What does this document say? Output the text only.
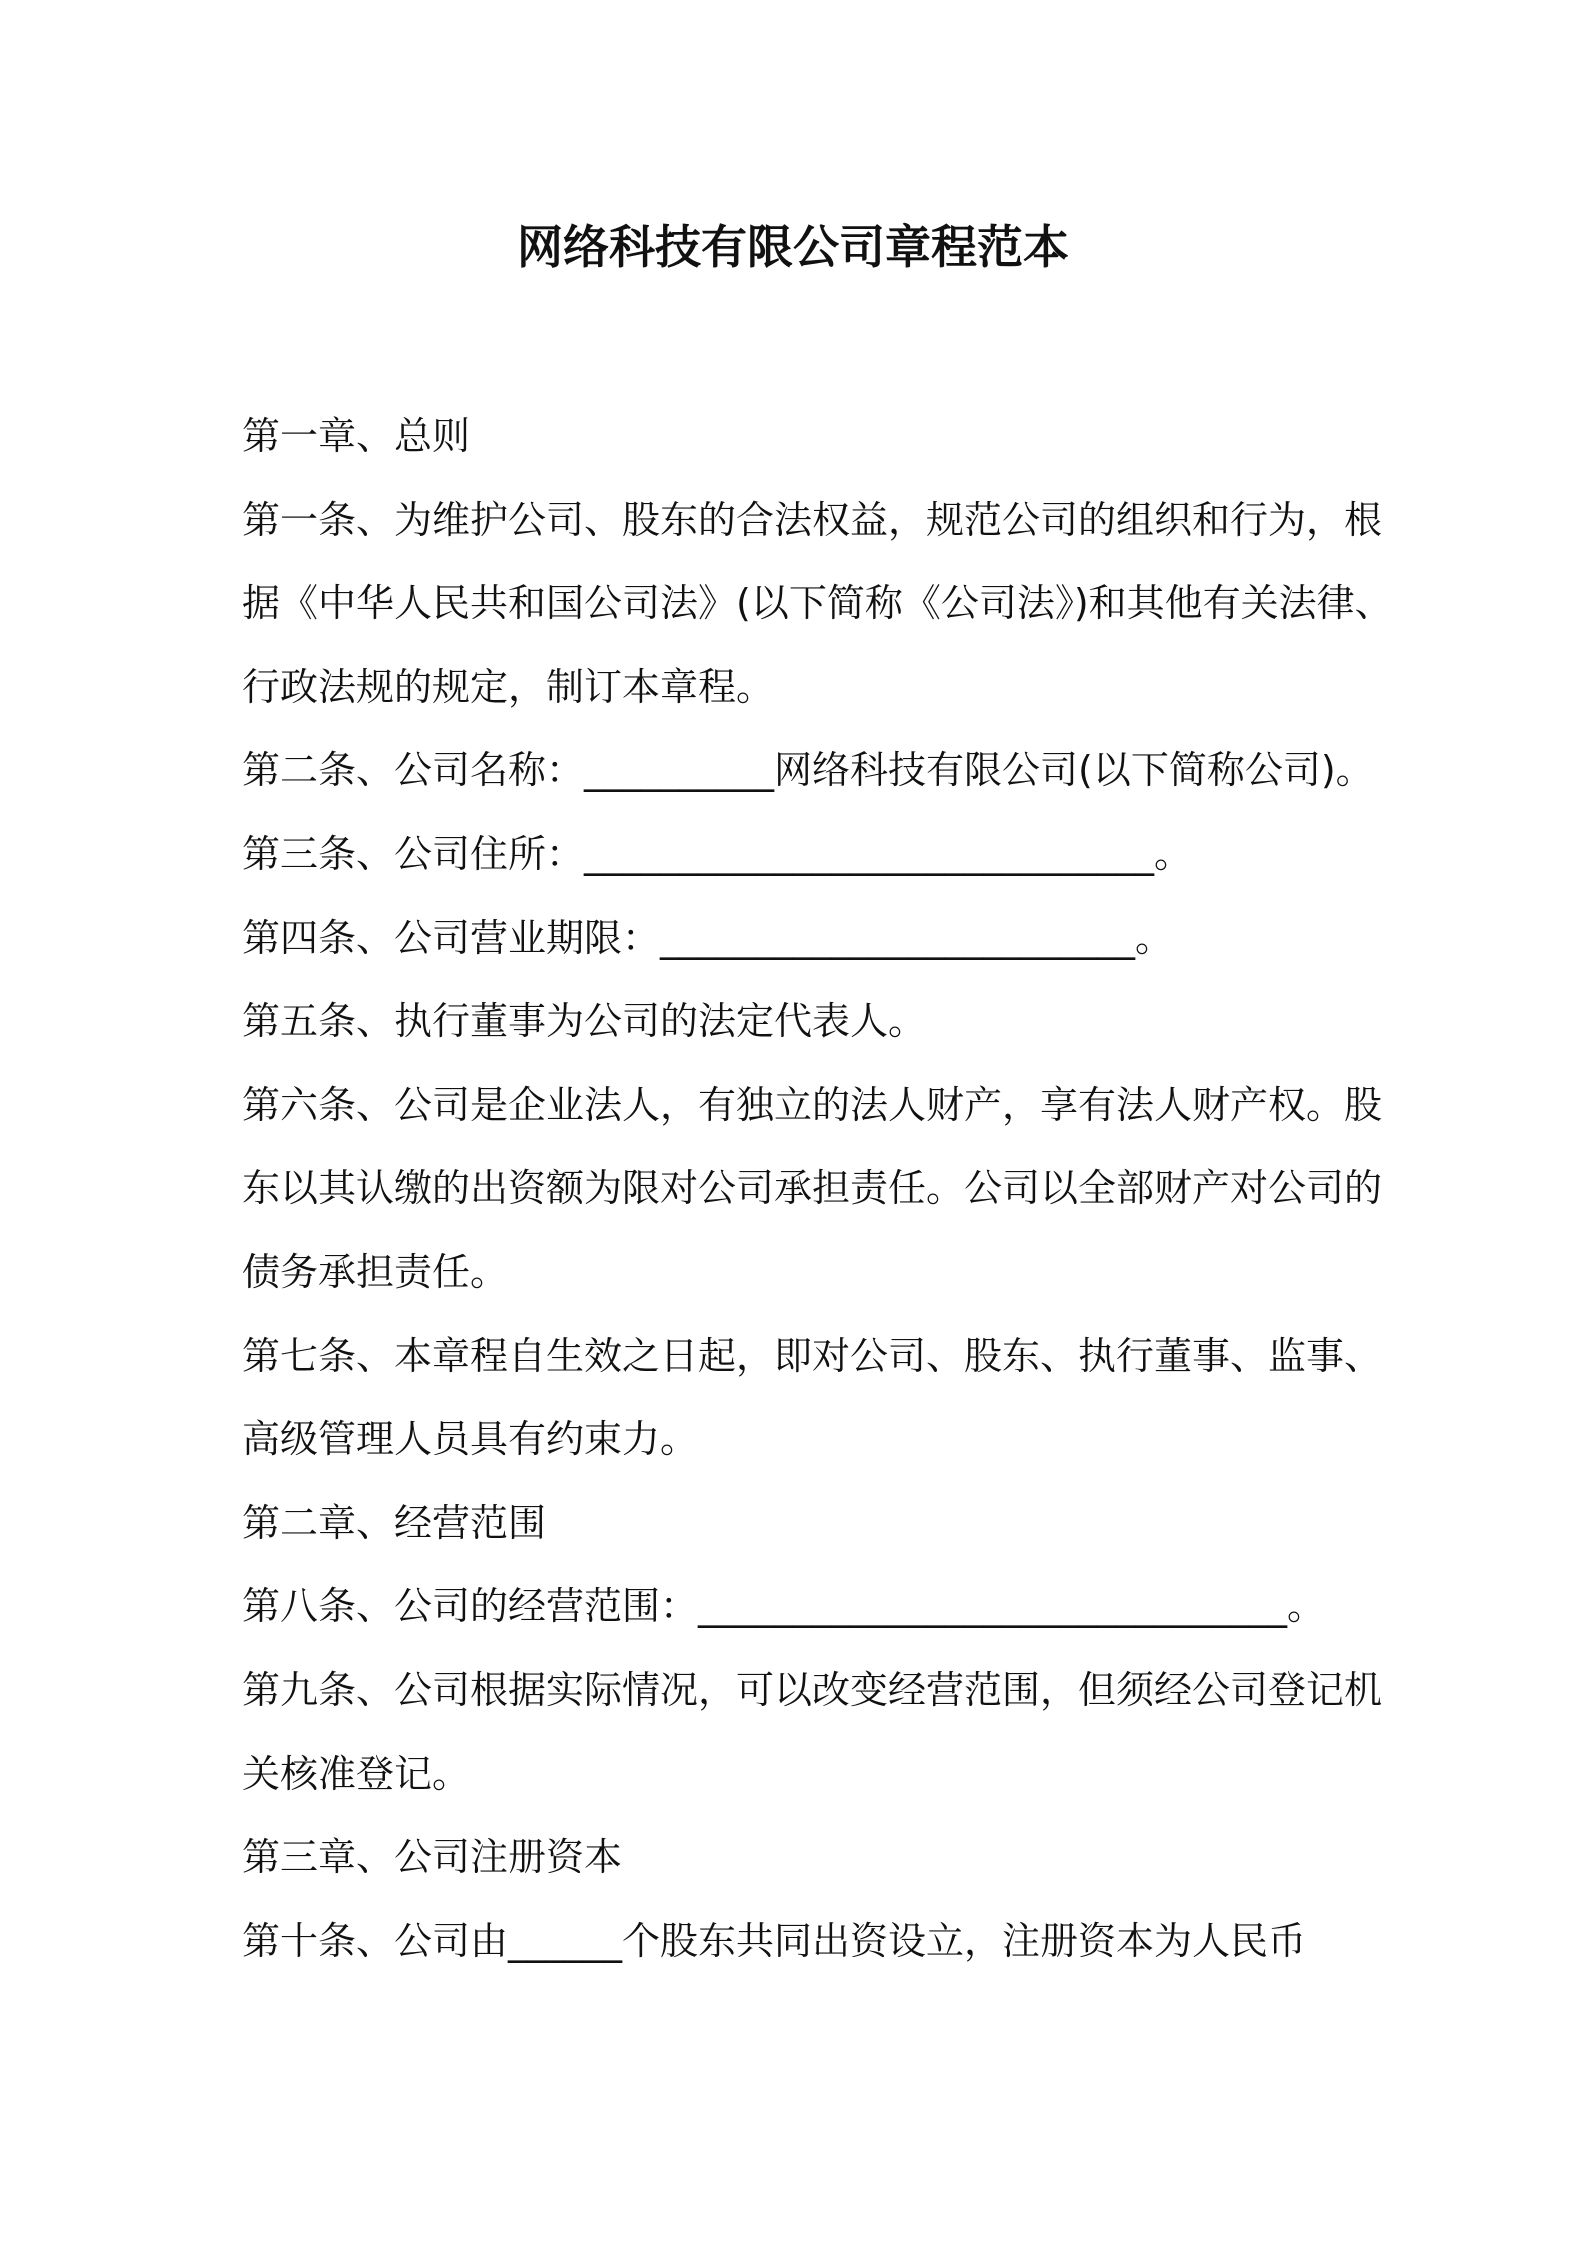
网络科技有限公司章程范本
第一章、总则
第一条、为维护公司、股东的合法权益，规范公司的组织和行为，根
据《中华人民共和国公司法》(以下简称《公司法》)和其他有关法律、
行政法规的规定，制订本章程。
第二条、公司名称：__________网络科技有限公司(以下简称公司)。
第三条、公司住所：______________________________。
第四条、公司营业期限：_________________________。
第五条、执行董事为公司的法定代表人。
第六条、公司是企业法人，有独立的法人财产，享有法人财产权。股
东以其认缴的出资额为限对公司承担责任。公司以全部财产对公司的
债务承担责任。
第七条、本章程自生效之日起，即对公司、股东、执行董事、监事、
高级管理人员具有约束力。
第二章、经营范围
第八条、公司的经营范围：_______________________________。
第九条、公司根据实际情况，可以改变经营范围，但须经公司登记机
关核准登记。
第三章、公司注册资本
第十条、公司由______个股东共同出资设立，注册资本为人民币
